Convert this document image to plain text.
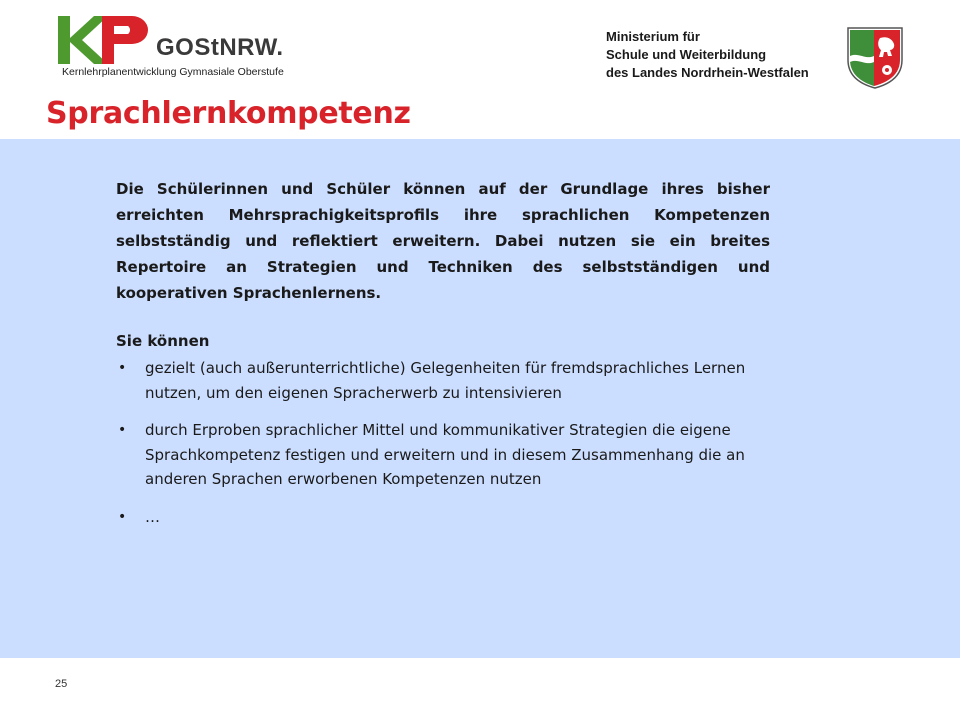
GOStNRW.
Kernlehrplanentwicklung Gymnasiale Oberstufe
Ministerium für
Schule und Weiterbildung
des Landes Nordrhein-Westfalen
Sprachlernkompetenz
Die Schülerinnen und Schüler können auf der Grundlage ihres bisher erreichten Mehrsprachigkeitsprofils ihre sprachlichen Kompetenzen selbstständig und reflektiert erweitern. Dabei nutzen sie ein breites Repertoire an Strategien und Techniken des selbstständigen und kooperativen Sprachenlernens.
Sie können
• gezielt (auch außerunterrichtliche) Gelegenheiten für fremdsprachliches Lernen nutzen, um den eigenen Spracherwerb zu intensivieren
• durch Erproben sprachlicher Mittel und kommunikativer Strategien die eigene Sprachkompetenz festigen und erweitern und in diesem Zusammenhang die an anderen Sprachen erworbenen Kompetenzen nutzen
• …
25
